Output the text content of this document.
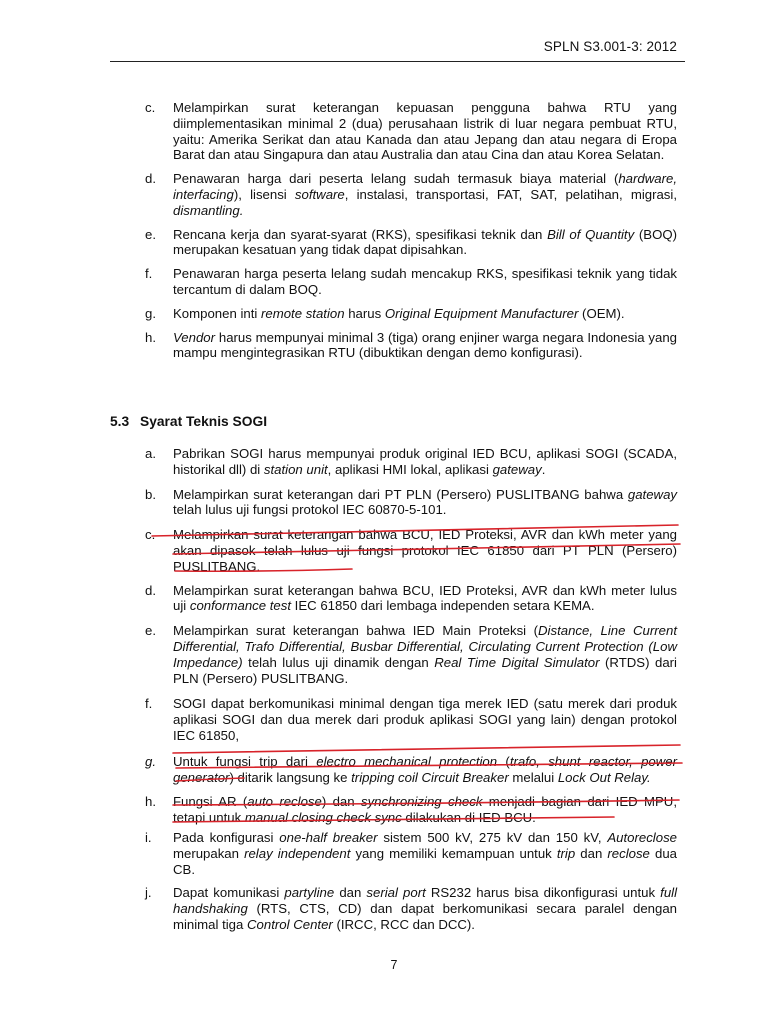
SPLN S3.001-3: 2012
c.	Melampirkan surat keterangan kepuasan pengguna bahwa RTU yang diimplementasikan minimal 2 (dua) perusahaan listrik di luar negara pembuat RTU, yaitu: Amerika Serikat dan atau Kanada dan atau Jepang dan atau negara di Eropa Barat dan atau Singapura dan atau Australia dan atau Cina dan atau Korea Selatan.
d.	Penawaran harga dari peserta lelang sudah termasuk biaya material (hardware, interfacing), lisensi software, instalasi, transportasi, FAT, SAT, pelatihan, migrasi, dismantling.
e.	Rencana kerja dan syarat-syarat (RKS), spesifikasi teknik dan Bill of Quantity (BOQ) merupakan kesatuan yang tidak dapat dipisahkan.
f.	Penawaran harga peserta lelang sudah mencakup RKS, spesifikasi teknik yang tidak tercantum di dalam BOQ.
g.	Komponen inti remote station harus Original Equipment Manufacturer (OEM).
h.	Vendor harus mempunyai minimal 3 (tiga) orang enjiner warga negara Indonesia yang mampu mengintegrasikan RTU (dibuktikan dengan demo konfigurasi).
5.3 Syarat Teknis SOGI
a.	Pabrikan SOGI harus mempunyai produk original IED BCU, aplikasi SOGI (SCADA, historikal dll) di station unit, aplikasi HMI lokal, aplikasi gateway.
b.	Melampirkan surat keterangan dari PT PLN (Persero) PUSLITBANG bahwa gateway telah lulus uji fungsi protokol IEC 60870-5-101.
c.	Melampirkan surat keterangan bahwa BCU, IED Proteksi, AVR dan kWh meter yang akan dipasok telah lulus uji fungsi protokol IEC 61850 dari PT PLN (Persero) PUSLITBANG.
d.	Melampirkan surat keterangan bahwa BCU, IED Proteksi, AVR dan kWh meter lulus uji conformance test IEC 61850 dari lembaga independen setara KEMA.
e.	Melampirkan surat keterangan bahwa IED Main Proteksi (Distance, Line Current Differential, Trafo Differential, Busbar Differential, Circulating Current Protection (Low Impedance) telah lulus uji dinamik dengan Real Time Digital Simulator (RTDS) dari PLN (Persero) PUSLITBANG.
f.	SOGI dapat berkomunikasi minimal dengan tiga merek IED (satu merek dari produk aplikasi SOGI dan dua merek dari produk aplikasi SOGI yang lain) dengan protokol IEC 61850,
g.	Untuk fungsi trip dari electro mechanical protection (trafo, shunt reactor, power generator) ditarik langsung ke tripping coil Circuit Breaker melalui Lock Out Relay.
h.	Fungsi AR (auto reclose) dan synchronizing check menjadi bagian dari IED MPU, tetapi untuk manual closing check sync dilakukan di IED BCU.
i.	Pada konfigurasi one-half breaker sistem 500 kV, 275 kV dan 150 kV, Autoreclose merupakan relay independent yang memiliki kemampuan untuk trip dan reclose dua CB.
j.	Dapat komunikasi partyline dan serial port RS232 harus bisa dikonfigurasi untuk full handshaking (RTS, CTS, CD) dan dapat berkomunikasi secara paralel dengan minimal tiga Control Center (IRCC, RCC dan DCC).
7
